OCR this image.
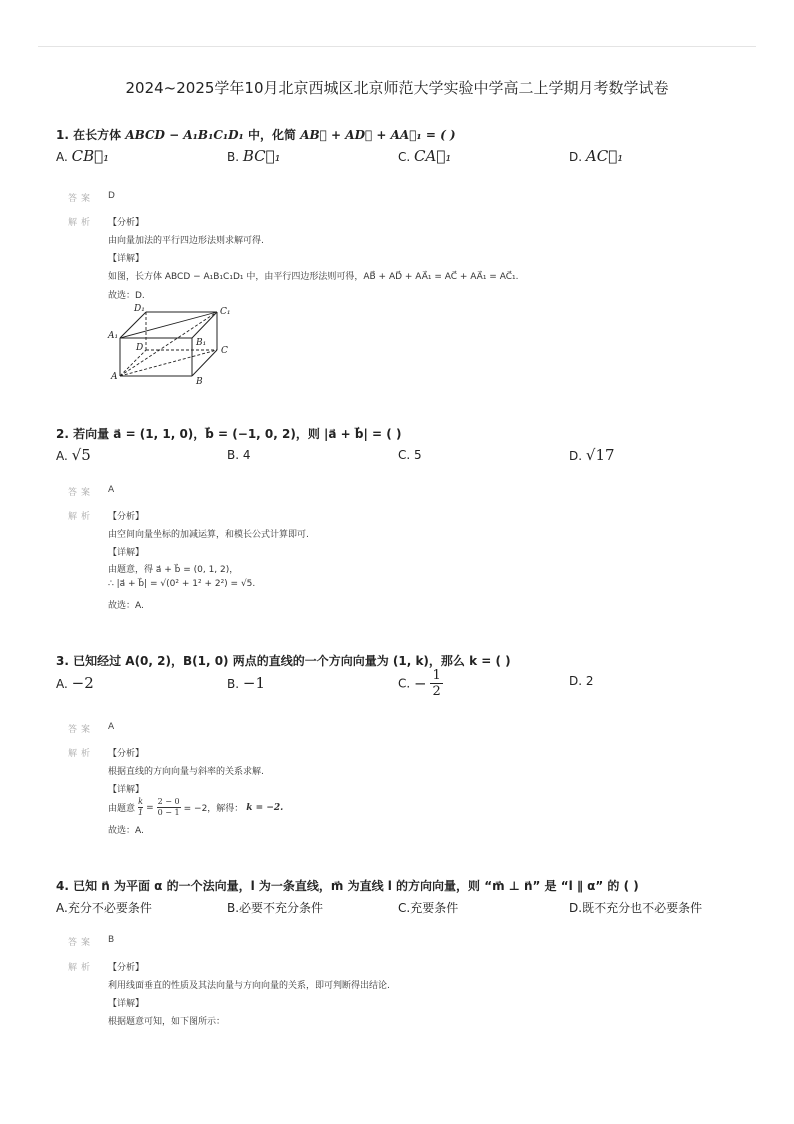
2024~2025学年10月北京西城区北京师范大学实验中学高二上学期月考数学试卷
1. 在长方体 ABCD − A₁B₁C₁D₁ 中，化简 AB⃗ + AD⃗ + AA⃗₁ = ( )
A. CB⃗₁	B. BC⃗₁	C. CA⃗₁	D. AC⃗₁
答案 D
解析 【分析】
由向量加法的平行四边形法则求解可得.
【详解】
如图，长方体 ABCD − A₁B₁C₁D₁ 中，由平行四边形法则可得，AB⃗ + AD⃗ + AA⃗₁ = AC⃗ + AA⃗₁ = AC⃗₁.
故选：D.
D₁	C₁
A₁
B₁
D	C
A	B
2. 若向量 a⃗ = (1, 1, 0)，b⃗ = (−1, 0, 2)，则 |a⃗ + b⃗| = ( )
A. √5	B. 4	C. 5	D. √17
答案 A
解析 【分析】
由空间向量坐标的加减运算，和模长公式计算即可.
【详解】
由题意，得 a⃗ + b⃗ = (0, 1, 2)，
∴ |a⃗ + b⃗| = √(0² + 1² + 2²) = √5.
故选：A.
3. 已知经过 A(0, 2)，B(1, 0) 两点的直线的一个方向向量为 (1, k)，那么 k = ( )
A. −2	B. −1	C. − $\frac{1}{2}$	D. 2
答案 A
解析 【分析】
根据直线的方向向量与斜率的关系求解.
【详解】
由题意 $\frac{k}{1} = \frac{2 - 0}{0 - 1} = -2$，解得： k = −2.
故选：A.
4. 已知 n⃗ 为平面 α 的一个法向量，l 为一条直线，m⃗ 为直线 l 的方向向量，则 “m⃗ ⊥ n⃗” 是 “l ∥ α” 的 ( )
A.充分不必要条件	B.必要不充分条件	C.充要条件	D.既不充分也不必要条件
答案 B
解析 【分析】
利用线面垂直的性质及其法向量与方向向量的关系，即可判断得出结论.
【详解】
根据题意可知，如下图所示：
